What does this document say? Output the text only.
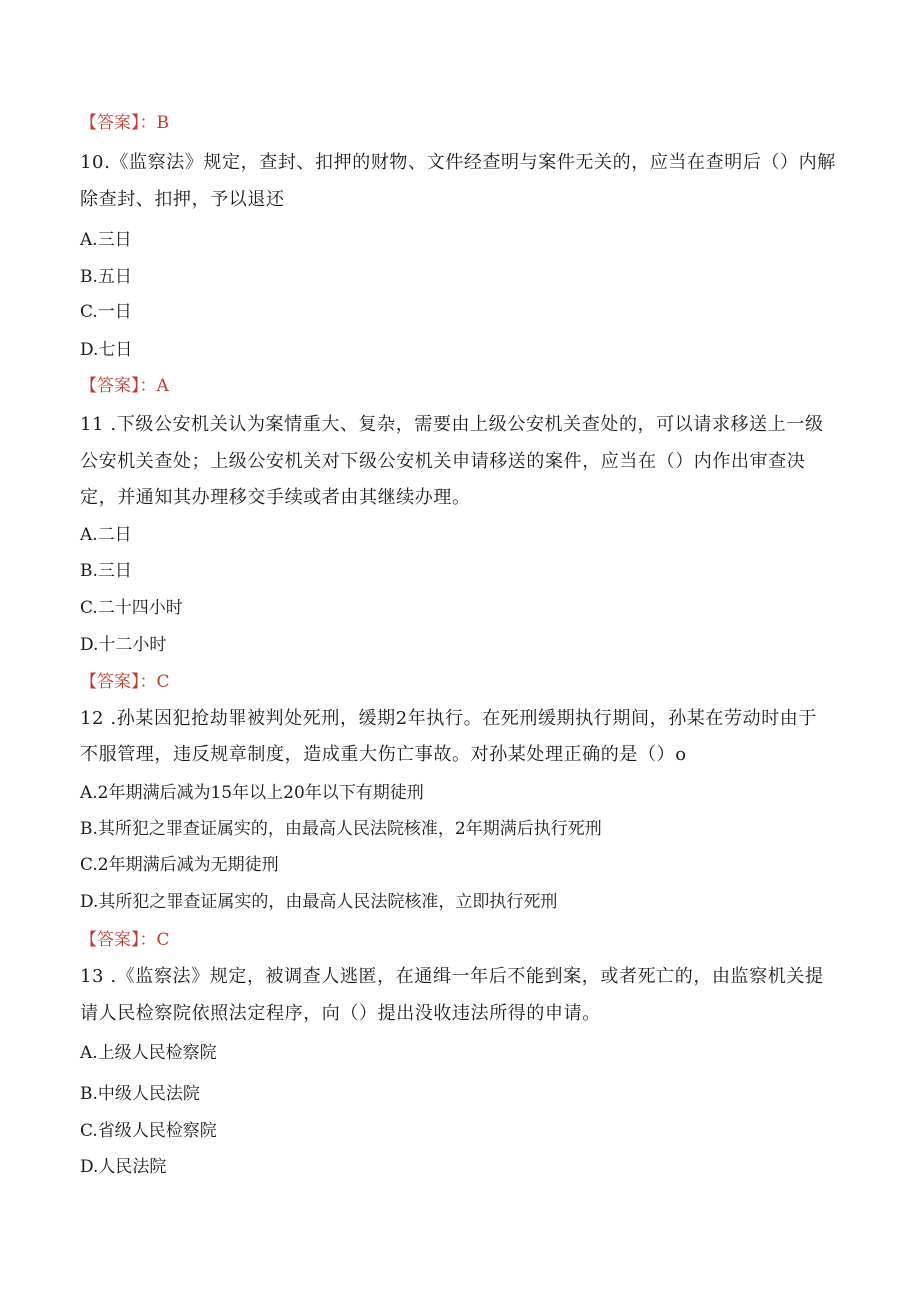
【答案】：B
10.《监察法》规定，查封、扣押的财物、文件经查明与案件无关的，应当在查明后（）内解
除查封、扣押，予以退还
A.三日
B.五日
C.一日
D.七日
【答案】：A
11 .下级公安机关认为案情重大、复杂，需要由上级公安机关查处的，可以请求移送上一级
公安机关查处；上级公安机关对下级公安机关申请移送的案件，应当在（）内作出审查决
定，并通知其办理移交手续或者由其继续办理。
A.二日
B.三日
C.二十四小时
D.十二小时
【答案】：C
12 .孙某因犯抢劫罪被判处死刑，缓期2年执行。在死刑缓期执行期间，孙某在劳动时由于
不服管理，违反规章制度，造成重大伤亡事故。对孙某处理正确的是（）o
A.2年期满后减为15年以上20年以下有期徒刑
B.其所犯之罪查证属实的，由最高人民法院核准，2年期满后执行死刑
C.2年期满后减为无期徒刑
D.其所犯之罪查证属实的，由最高人民法院核准，立即执行死刑
【答案】：C
13 .《监察法》规定，被调查人逃匿，在通缉一年后不能到案，或者死亡的，由监察机关提
请人民检察院依照法定程序，向（）提出没收违法所得的申请。
A.上级人民检察院
B.中级人民法院
C.省级人民检察院
D.人民法院
